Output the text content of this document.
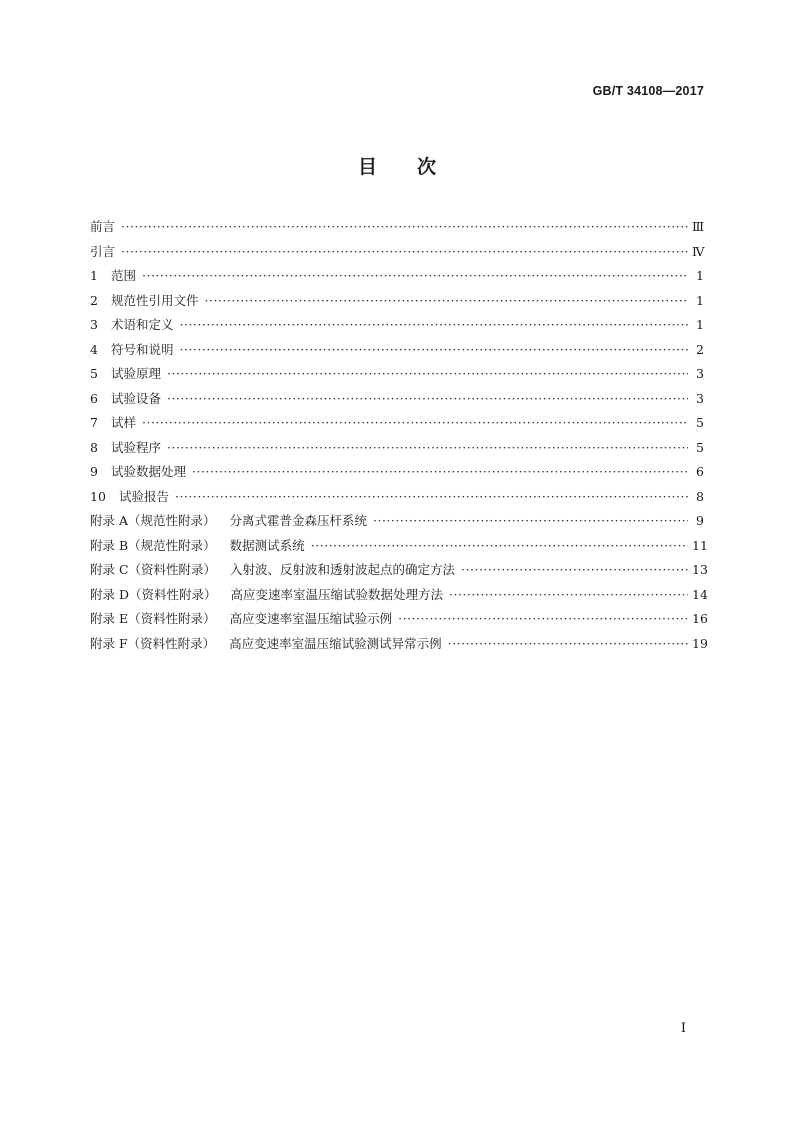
GB/T 34108—2017
目 次
前言 ·····	Ⅲ
引言 ·····	Ⅳ
1	范围 ·····	1
2	规范性引用文件 ·····	1
3	术语和定义 ·····	1
4	符号和说明 ·····	2
5	试验原理 ·····	3
6	试验设备 ·····	3
7	试样 ·····	5
8	试验程序 ·····	5
9	试验数据处理 ·····	6
10	试验报告 ·····	8
附录 A（规范性附录） 分离式霍普金森压杆系统 ·····	9
附录 B（规范性附录） 数据测试系统 ·····	11
附录 C（资料性附录） 入射波、反射波和透射波起点的确定方法 ·····	13
附录 D（资料性附录） 高应变速率室温压缩试验数据处理方法 ·····	14
附录 E（资料性附录） 高应变速率室温压缩试验示例 ·····	16
附录 F（资料性附录） 高应变速率室温压缩试验测试异常示例 ·····	19
Ⅰ
